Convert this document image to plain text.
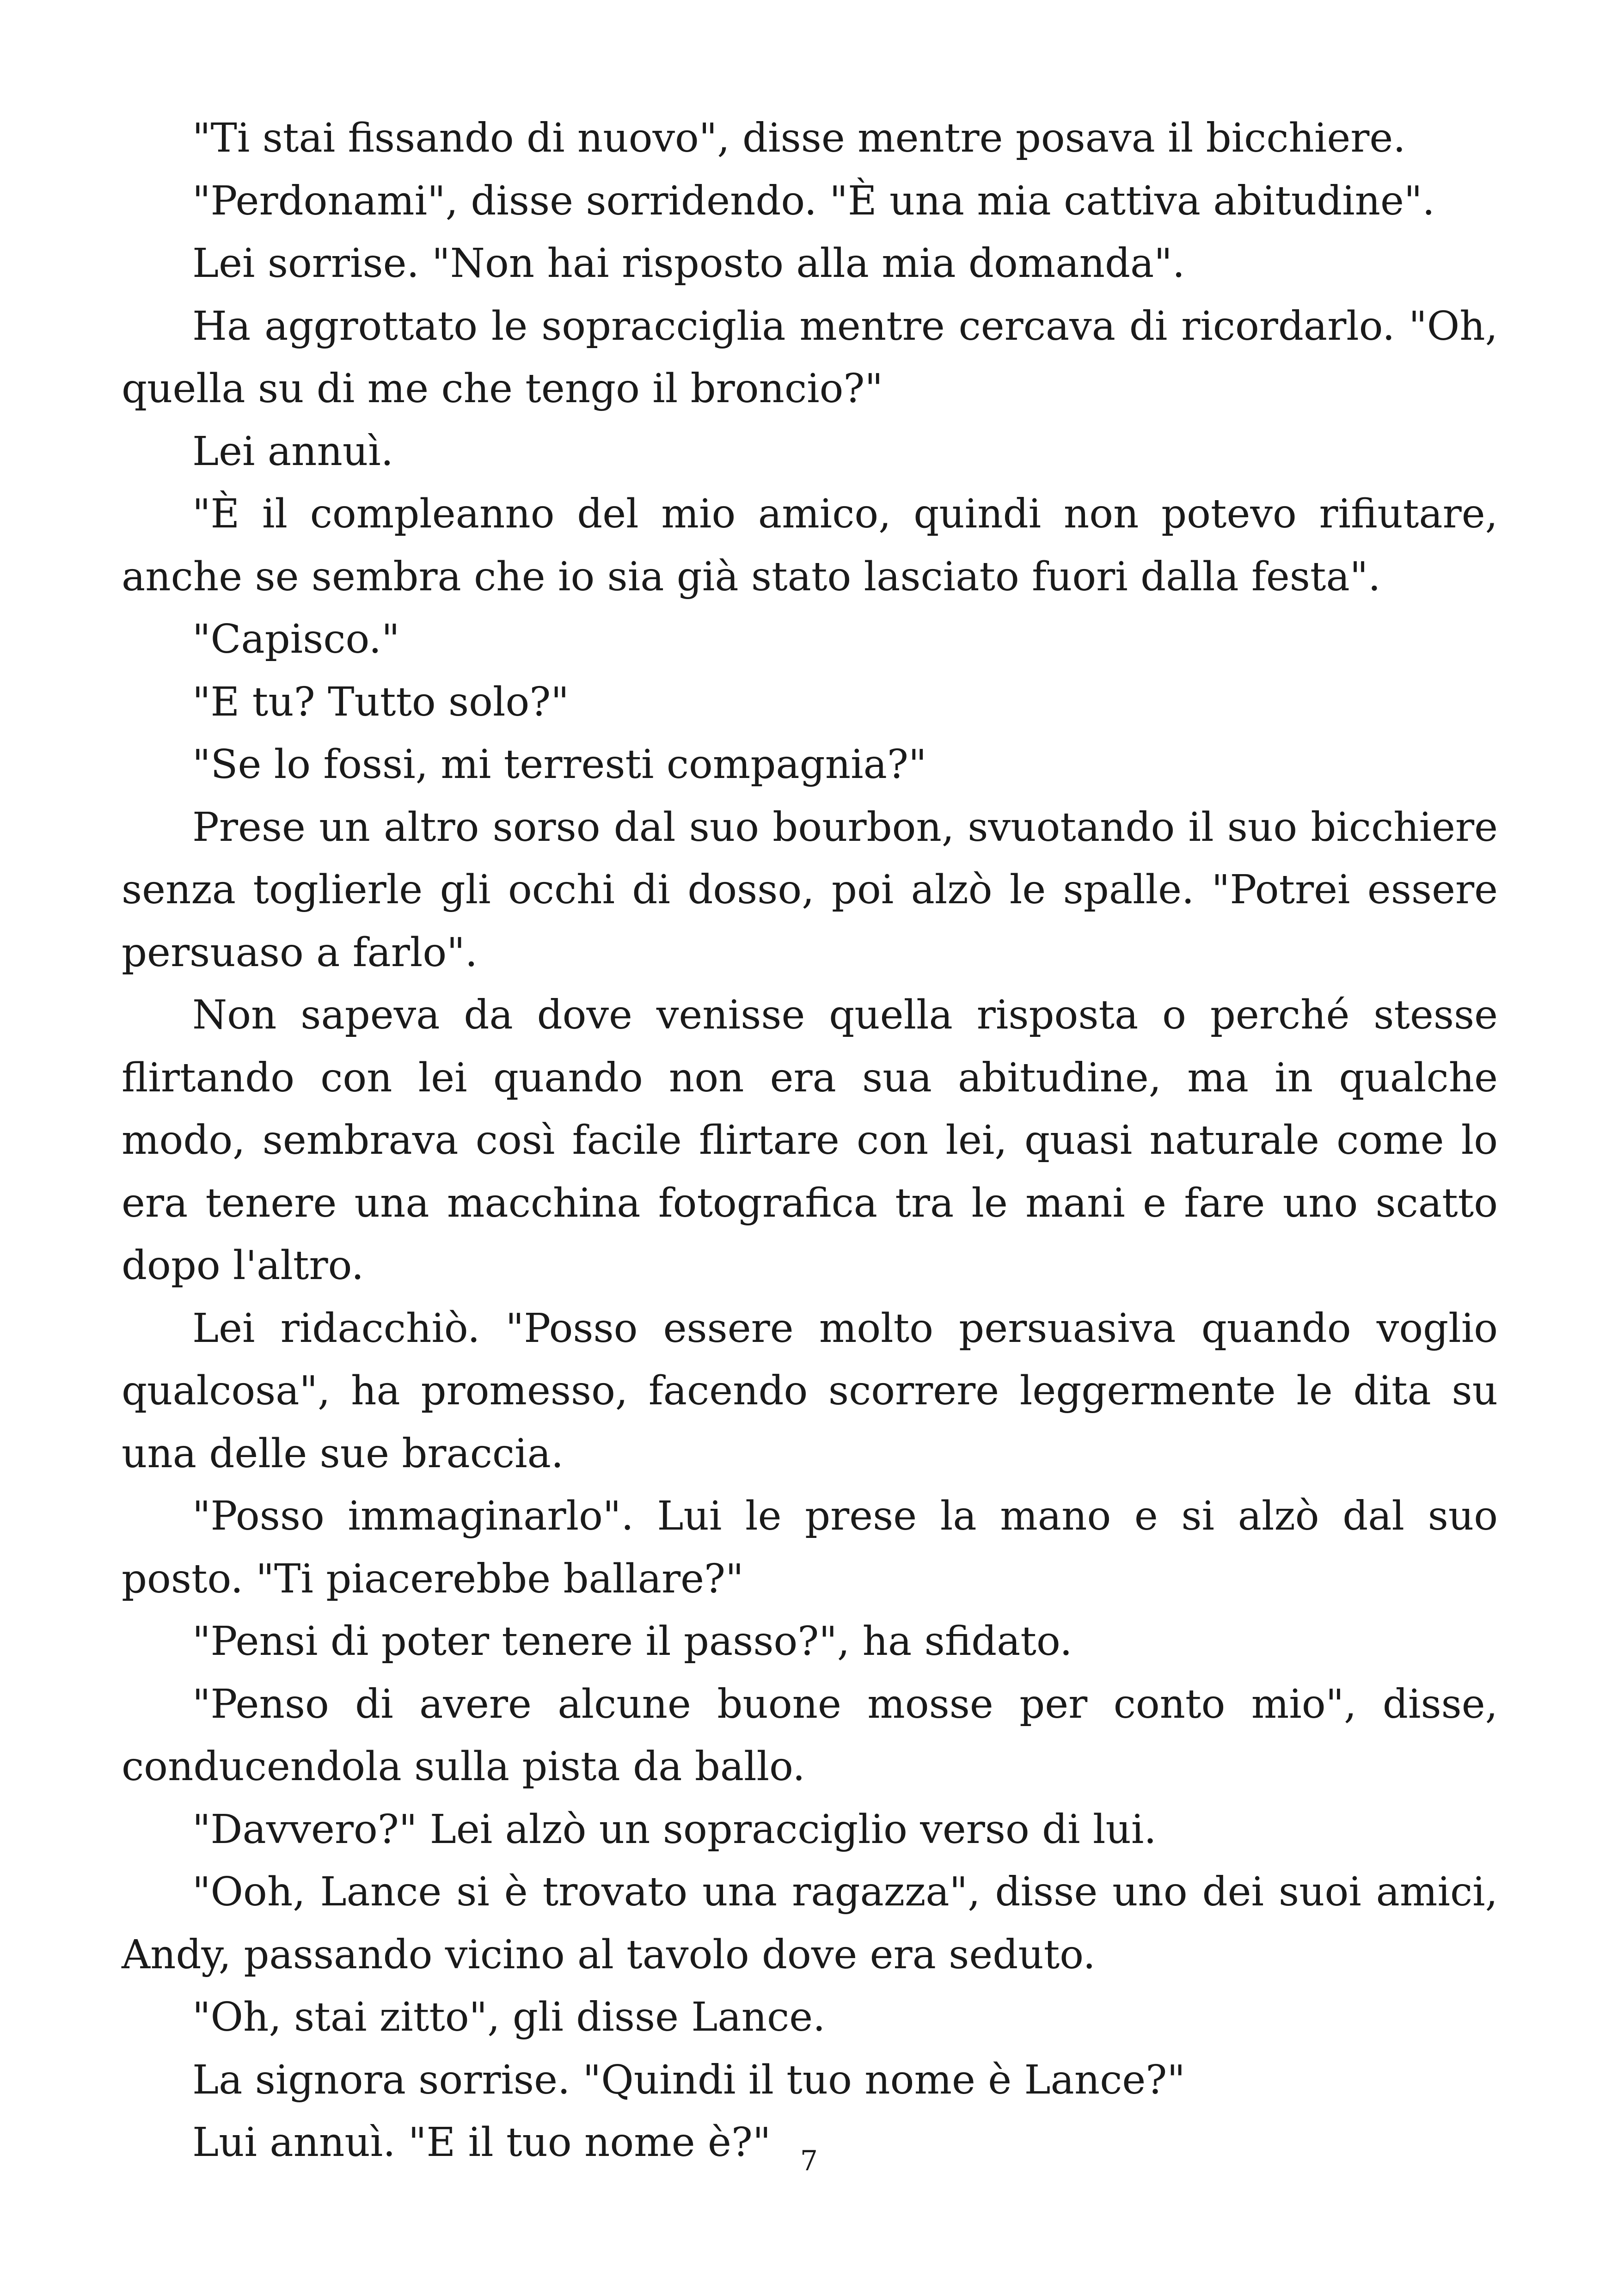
"Ti stai fissando di nuovo", disse mentre posava il bicchiere.

"Perdonami", disse sorridendo. "È una mia cattiva abitudine".

Lei sorrise. "Non hai risposto alla mia domanda".

Ha aggrottato le sopracciglia mentre cercava di ricordarlo. "Oh, quella su di me che tengo il broncio?"

Lei annuì.

"È il compleanno del mio amico, quindi non potevo rifiutare, anche se sembra che io sia già stato lasciato fuori dalla festa".

"Capisco."

"E tu? Tutto solo?"

"Se lo fossi, mi terresti compagnia?"

Prese un altro sorso dal suo bourbon, svuotando il suo bicchiere senza toglierle gli occhi di dosso, poi alzò le spalle. "Potrei essere persuaso a farlo".

Non sapeva da dove venisse quella risposta o perché stesse flirtando con lei quando non era sua abitudine, ma in qualche modo, sembrava così facile flirtare con lei, quasi naturale come lo era tenere una macchina fotografica tra le mani e fare uno scatto dopo l'altro.

Lei ridacchiò. "Posso essere molto persuasiva quando voglio qualcosa", ha promesso, facendo scorrere leggermente le dita su una delle sue braccia.

"Posso immaginarlo". Lui le prese la mano e si alzò dal suo posto. "Ti piacerebbe ballare?"

"Pensi di poter tenere il passo?", ha sfidato.

"Penso di avere alcune buone mosse per conto mio", disse, conducendola sulla pista da ballo.

"Davvero?" Lei alzò un sopracciglio verso di lui.

"Ooh, Lance si è trovato una ragazza", disse uno dei suoi amici, Andy, passando vicino al tavolo dove era seduto.

"Oh, stai zitto", gli disse Lance.

La signora sorrise. "Quindi il tuo nome è Lance?"

Lui annuì. "E il tuo nome è?"	7
